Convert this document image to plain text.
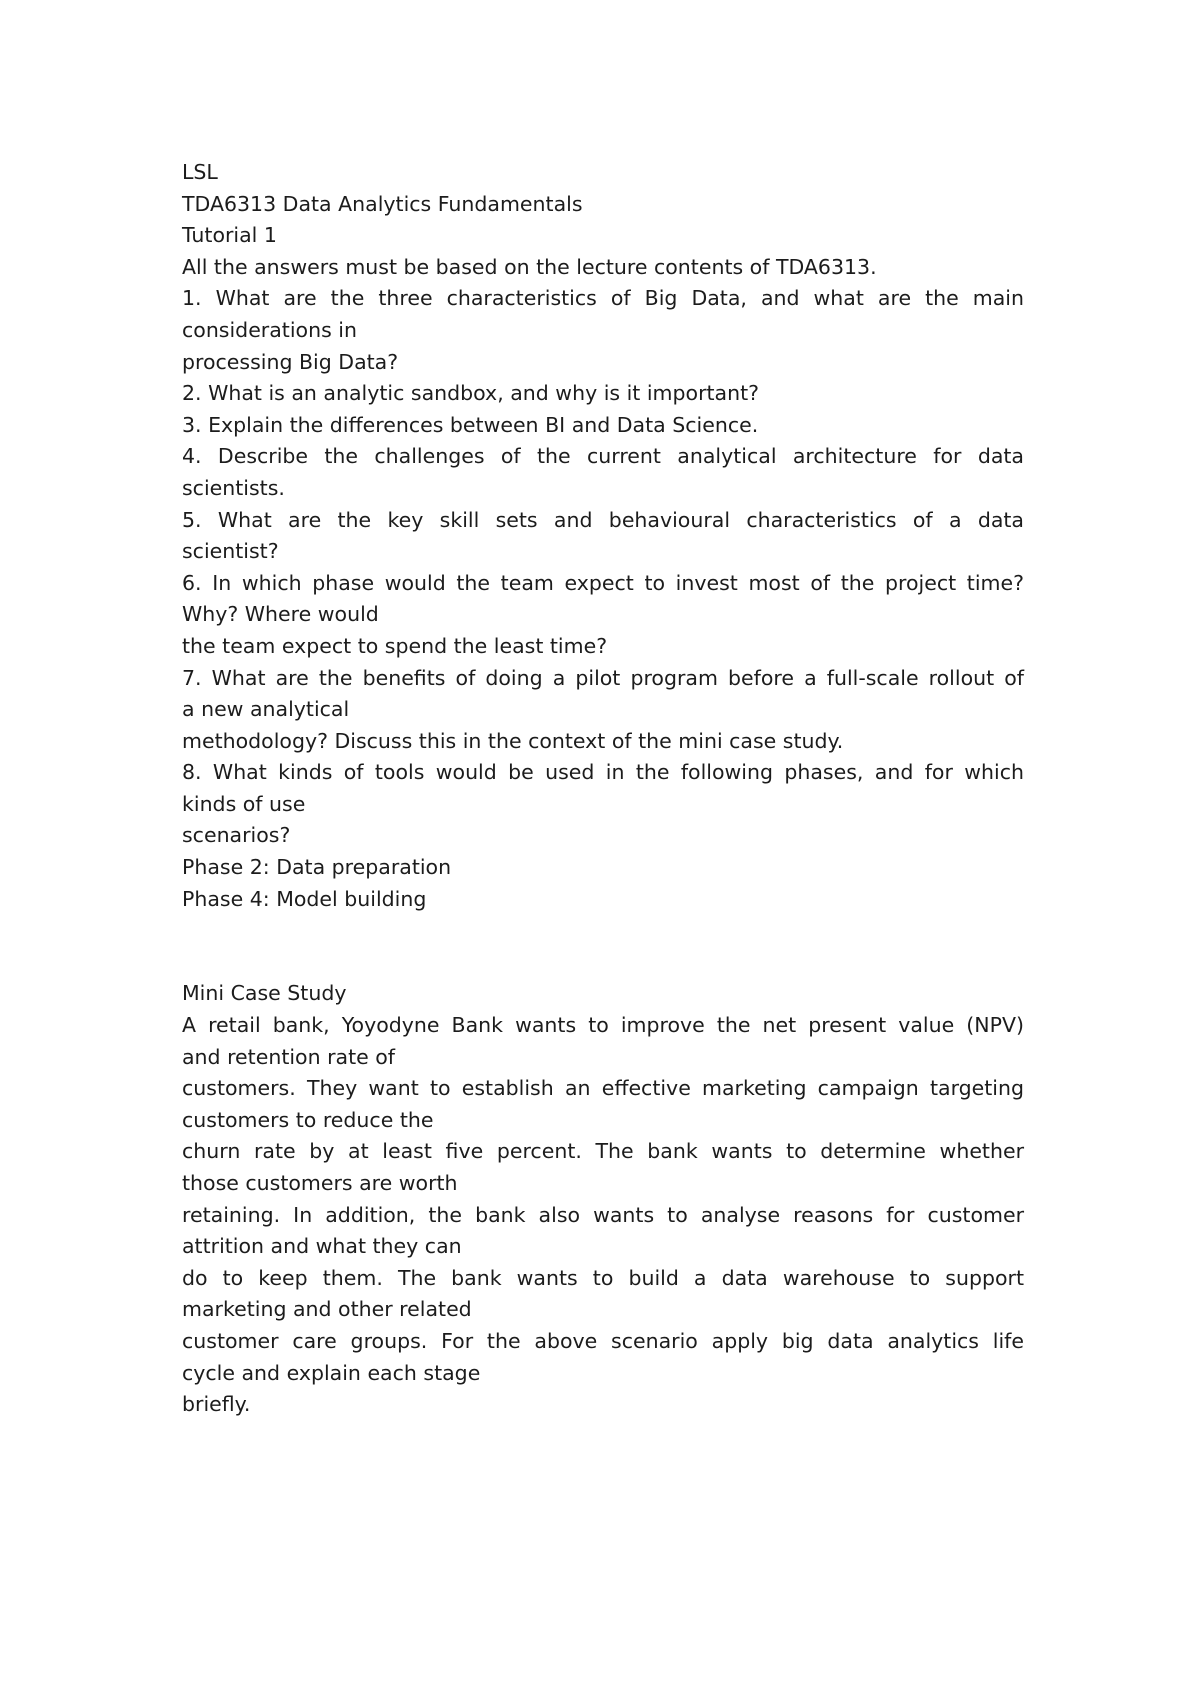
LSL

TDA6313 Data Analytics Fundamentals

Tutorial 1

All the answers must be based on the lecture contents of TDA6313.

1. What are the three characteristics of Big Data, and what are the main

considerations in

processing Big Data?

2. What is an analytic sandbox, and why is it important?

3. Explain the differences between BI and Data Science.

4. Describe the challenges of the current analytical architecture for data

scientists.

5. What are the key skill sets and behavioural characteristics of a data

scientist?

6. In which phase would the team expect to invest most of the project time?

Why? Where would

the team expect to spend the least time?

7. What are the benefits of doing a pilot program before a full-scale rollout of

a new analytical

methodology? Discuss this in the context of the mini case study.

8. What kinds of tools would be used in the following phases, and for which

kinds of use

scenarios?

Phase 2: Data preparation

Phase 4: Model building

Mini Case Study

A retail bank, Yoyodyne Bank wants to improve the net present value (NPV)

and retention rate of

customers. They want to establish an effective marketing campaign targeting

customers to reduce the

churn rate by at least five percent. The bank wants to determine whether

those customers are worth

retaining. In addition, the bank also wants to analyse reasons for customer

attrition and what they can

do to keep them. The bank wants to build a data warehouse to support

marketing and other related

customer care groups. For the above scenario apply big data analytics life

cycle and explain each stage

briefly.
